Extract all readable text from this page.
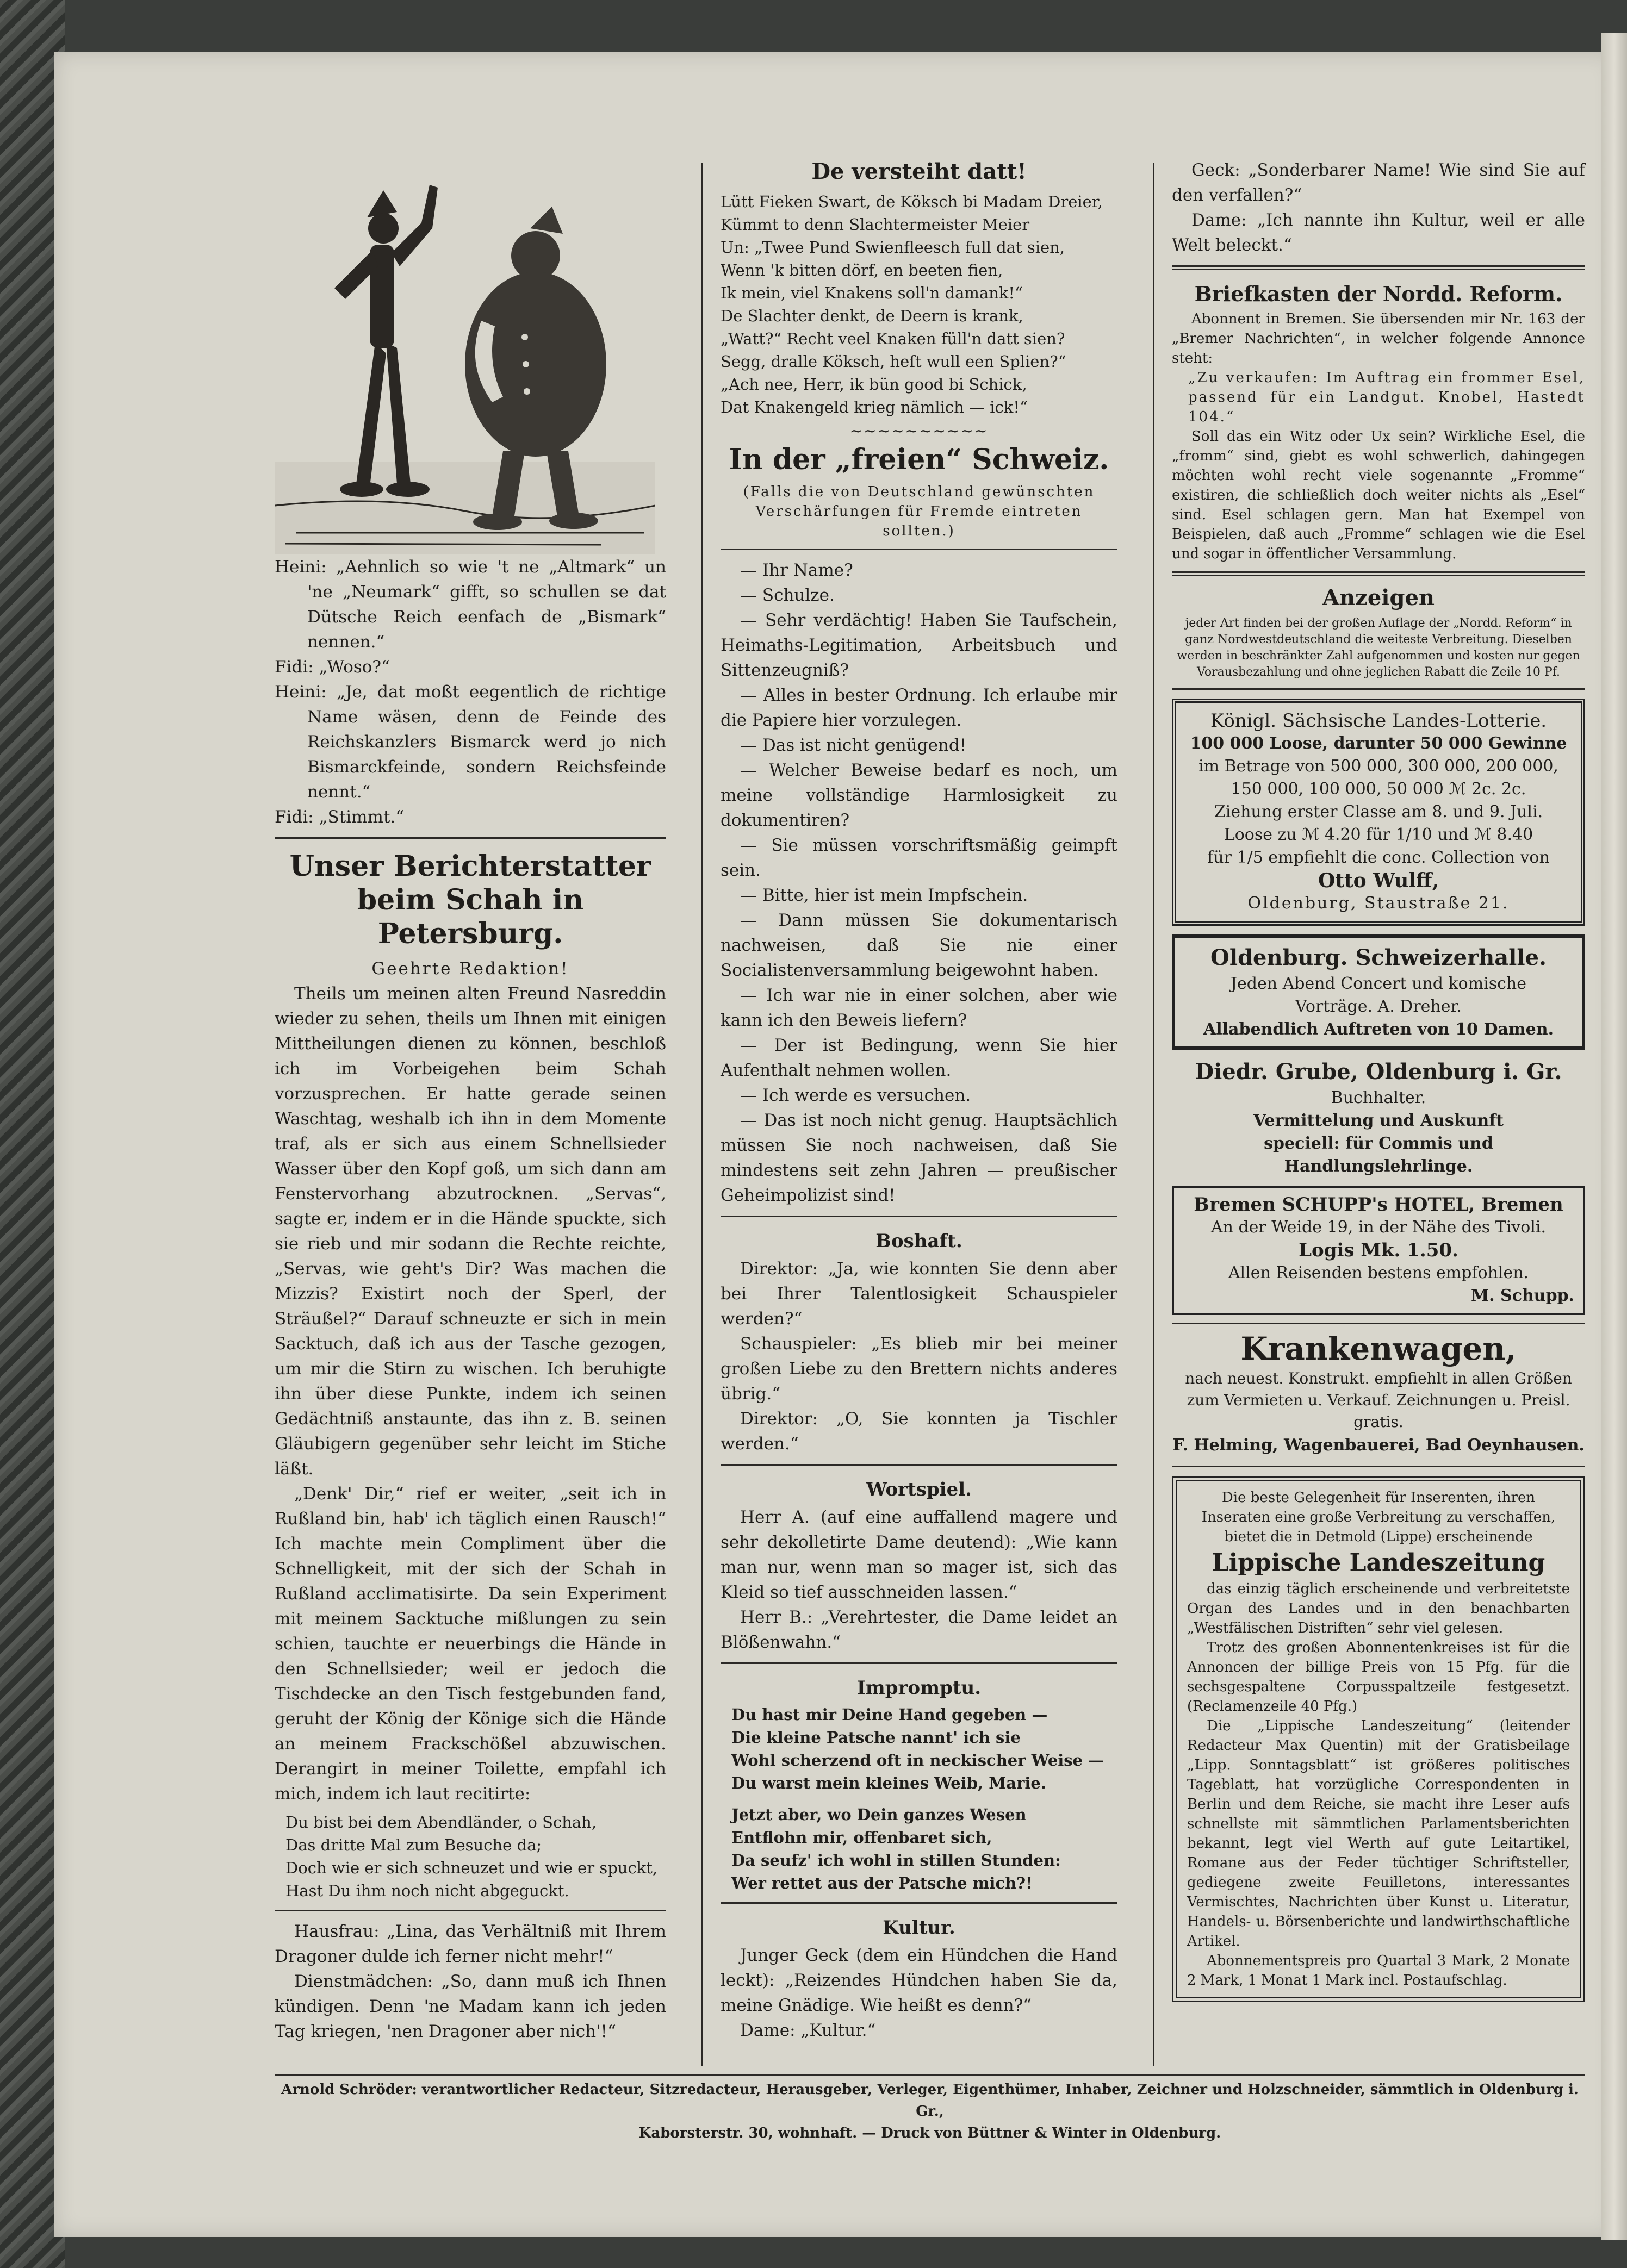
Heini: „Aehnlich so wie 't ne „Altmark“ un 'ne „Neumark“ gifft, so schullen se dat Dütsche Reich eenfach de „Bismark“ nennen.“

Fidi: „Woso?“

Heini: „Je, dat moßt eegentlich de richtige Name wäsen, denn de Feinde des Reichskanzlers Bismarck werd jo nich Bismarckfeinde, sondern Reichsfeinde nennt.“

Fidi: „Stimmt.“

Unser Berichterstatter beim Schah in Petersburg.

Geehrte Redaktion!

Theils um meinen alten Freund Nasreddin wieder zu sehen, theils um Ihnen mit einigen Mittheilungen dienen zu können, beschloß ich im Vorbeigehen beim Schah vorzusprechen. Er hatte gerade seinen Waschtag, weshalb ich ihn in dem Momente traf, als er sich aus einem Schnellsieder Wasser über den Kopf goß, um sich dann am Fenstervorhang abzutrocknen. „Servas“, sagte er, indem er in die Hände spuckte, sich sie rieb und mir sodann die Rechte reichte, „Servas, wie geht's Dir? Was machen die Mizzis? Existirt noch der Sperl, der Sträußel?“ Darauf schneuzte er sich in mein Sacktuch, daß ich aus der Tasche gezogen, um mir die Stirn zu wischen. Ich beruhigte ihn über diese Punkte, indem ich seinen Gedächtniß anstaunte, das ihn z. B. seinen Gläubigern gegenüber sehr leicht im Stiche läßt.

„Denk' Dir,“ rief er weiter, „seit ich in Rußland bin, hab' ich täglich einen Rausch!“ Ich machte mein Compliment über die Schnelligkeit, mit der sich der Schah in Rußland acclimatisirte. Da sein Experiment mit meinem Sacktuche mißlungen zu sein schien, tauchte er neuerbings die Hände in den Schnellsieder; weil er jedoch die Tischdecke an den Tisch festgebunden fand, geruht der König der Könige sich die Hände an meinem Frackschößel abzuwischen. Derangirt in meiner Toilette, empfahl ich mich, indem ich laut recitirte:

Du bist bei dem Abendländer, o Schah,

Das dritte Mal zum Besuche da;

Doch wie er sich schneuzet und wie er spuckt,

Hast Du ihm noch nicht abgeguckt.

Hausfrau: „Lina, das Verhältniß mit Ihrem Dragoner dulde ich ferner nicht mehr!“

Dienstmädchen: „So, dann muß ich Ihnen kündigen. Denn 'ne Madam kann ich jeden Tag kriegen, 'nen Dragoner aber nich'!“

De versteiht datt!

Lütt Fieken Swart, de Köksch bi Madam Dreier,

Kümmt to denn Slachtermeister Meier

Un: „Twee Pund Swienfleesch full dat sien,

Wenn 'k bitten dörf, en beeten fien,

Ik mein, viel Knakens soll'n damank!“

De Slachter denkt, de Deern is krank,

„Watt?“ Recht veel Knaken füll'n datt sien?

Segg, dralle Köksch, heſt wull een Splien?“

„Ach nee, Herr, ik bün good bi Schick,

Dat Knakengeld krieg nämlich — ick!“

~~~~~~~~~~
In der „freien“ Schweiz.

(Falls die von Deutschland gewünschten Verschärfungen für Fremde eintreten sollten.)

— Ihr Name?

— Schulze.

— Sehr verdächtig! Haben Sie Taufschein, Heimaths-Legitimation, Arbeitsbuch und Sittenzeugniß?

— Alles in bester Ordnung. Ich erlaube mir die Papiere hier vorzulegen.

— Das ist nicht genügend!

— Welcher Beweise bedarf es noch, um meine vollständige Harmlosigkeit zu dokumentiren?

— Sie müssen vorschriftsmäßig geimpft sein.

— Bitte, hier ist mein Impfschein.

— Dann müssen Sie dokumentarisch nachweisen, daß Sie nie einer Socialistenversammlung beigewohnt haben.

— Ich war nie in einer solchen, aber wie kann ich den Beweis liefern?

— Der ist Bedingung, wenn Sie hier Aufenthalt nehmen wollen.

— Ich werde es versuchen.

— Das ist noch nicht genug. Hauptsächlich müssen Sie noch nachweisen, daß Sie mindestens seit zehn Jahren — preußischer Geheimpolizist sind!

Boshaft.

Direktor: „Ja, wie konnten Sie denn aber bei Ihrer Talentlosigkeit Schauspieler werden?“

Schauspieler: „Es blieb mir bei meiner großen Liebe zu den Brettern nichts anderes übrig.“

Direktor: „O, Sie konnten ja Tischler werden.“

Wortspiel.

Herr A. (auf eine auffallend magere und sehr dekolletirte Dame deutend): „Wie kann man nur, wenn man so mager ist, sich das Kleid so tief ausschneiden lassen.“

Herr B.: „Verehrtester, die Dame leidet an Blößenwahn.“

Impromptu.

Du hast mir Deine Hand gegeben —

Die kleine Patsche nannt' ich sie

Wohl scherzend oft in neckischer Weise —

Du warst mein kleines Weib, Marie.

Jetzt aber, wo Dein ganzes Wesen

Entflohn mir, offenbaret sich,

Da seufz' ich wohl in stillen Stunden:

Wer rettet aus der Patsche mich?!

Kultur.

Junger Geck (dem ein Hündchen die Hand leckt): „Reizendes Hündchen haben Sie da, meine Gnädige. Wie heißt es denn?“

Dame: „Kultur.“

Geck: „Sonderbarer Name! Wie sind Sie auf den verfallen?“

Dame: „Ich nannte ihn Kultur, weil er alle Welt beleckt.“

Briefkasten der Nordd. Reform.

Abonnent in Bremen. Sie übersenden mir Nr. 163 der „Bremer Nachrichten“, in welcher folgende Annonce steht:

„Zu verkaufen: Im Auftrag ein frommer Esel, passend für ein Landgut. Knobel, Hastedt 104.“

Soll das ein Witz oder Ux sein? Wirkliche Esel, die „fromm“ sind, giebt es wohl schwerlich, dahingegen möchten wohl recht viele sogenannte „Fromme“ existiren, die schließlich doch weiter nichts als „Esel“ sind. Esel schlagen gern. Man hat Exempel von Beispielen, daß auch „Fromme“ schlagen wie die Esel und sogar in öffentlicher Versammlung.

Anzeigen

jeder Art finden bei der großen Auflage der „Nordd. Reform“ in ganz Nordwestdeutschland die weiteste Verbreitung. Dieselben werden in beschränkter Zahl aufgenommen und kosten nur gegen Vorausbezahlung und ohne jeglichen Rabatt die Zeile 10 Pf.

Königl. Sächsische Landes-Lotterie.

100 000 Loose, darunter 50 000 Gewinne

im Betrage von 500 000, 300 000, 200 000,

150 000, 100 000, 50 000 ℳ 2c. 2c.

Ziehung erster Classe am 8. und 9. Juli.

Loose zu ℳ 4.20 für 1/10 und ℳ 8.40

für 1/5 empfiehlt die conc. Collection von

Otto Wulff,

Oldenburg, Staustraße 21.

Oldenburg. Schweizerhalle.

Jeden Abend Concert und komische

Vorträge. A. Dreher.

Allabendlich Auftreten von 10 Damen.

Diedr. Grube, Oldenburg i. Gr.

Buchhalter.

Vermittelung und Auskunft

speciell: für Commis und Handlungslehrlinge.

Bremen SCHUPP's HOTEL, Bremen

An der Weide 19, in der Nähe des Tivoli.

Logis Mk. 1.50.

Allen Reisenden bestens empfohlen.

M. Schupp.

Krankenwagen,

nach neuest. Konstrukt. empfiehlt in allen Größen zum Vermieten u. Verkauf. Zeichnungen u. Preisl. gratis.

F. Helming, Wagenbauerei, Bad Oeynhausen.

Die beste Gelegenheit für Inserenten, ihren Inseraten eine große Verbreitung zu verschaffen, bietet die in Detmold (Lippe) erscheinende

Lippische Landeszeitung

das einzig täglich erscheinende und verbreitetste Organ des Landes und in den benachbarten „Westfälischen Distriften“ sehr viel gelesen.

Trotz des großen Abonnentenkreises ist für die Annoncen der billige Preis von 15 Pfg. für die sechsgespaltene Corpusspaltzeile festgesetzt. (Reclamenzeile 40 Pfg.)

Die „Lippische Landeszeitung“ (leitender Redacteur Max Quentin) mit der Gratisbeilage „Lipp. Sonntagsblatt“ ist größeres politisches Tageblatt, hat vorzügliche Correspondenten in Berlin und dem Reiche, sie macht ihre Leser aufs schnellste mit sämmtlichen Parlamentsberichten bekannt, legt viel Werth auf gute Leitartikel, Romane aus der Feder tüchtiger Schriftsteller, gediegene zweite Feuilletons, interessantes Vermischtes, Nachrichten über Kunst u. Literatur, Handels- u. Börsenberichte und landwirthschaftliche Artikel.

Abonnementspreis pro Quartal 3 Mark, 2 Monate 2 Mark, 1 Monat 1 Mark incl. Postaufschlag.

Arnold Schröder: verantwortlicher Redacteur, Sitzredacteur, Herausgeber, Verleger, Eigenthümer, Inhaber, Zeichner und Holzschneider, sämmtlich in Oldenburg i. Gr.,
Kaborsterstr. 30, wohnhaft. — Druck von Büttner & Winter in Oldenburg.
